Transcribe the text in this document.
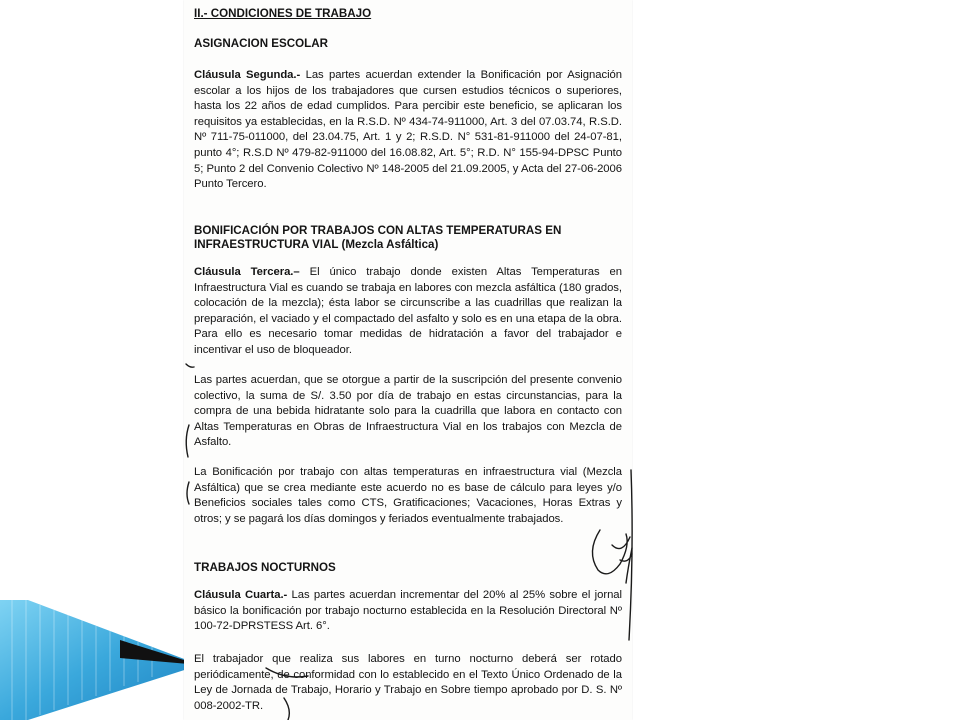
II.- CONDICIONES DE TRABAJO
ASIGNACION ESCOLAR
Cláusula Segunda.- Las partes acuerdan extender la Bonificación por Asignación escolar a los hijos de los trabajadores que cursen estudios técnicos o superiores, hasta los 22 años de edad cumplidos. Para percibir este beneficio, se aplicaran los requisitos ya establecidas, en la R.S.D. Nº 434-74-911000, Art. 3 del 07.03.74, R.S.D. Nº 711-75-011000, del 23.04.75, Art. 1 y 2; R.S.D. N° 531-81-911000 del 24-07-81, punto 4°; R.S.D Nº 479-82-911000 del 16.08.82, Art. 5°; R.D. N° 155-94-DPSC Punto 5; Punto 2 del Convenio Colectivo Nº 148-2005 del 21.09.2005, y Acta del 27-06-2006 Punto Tercero.
BONIFICACIÓN POR TRABAJOS CON ALTAS TEMPERATURAS EN
INFRAESTRUCTURA VIAL (Mezcla Asfáltica)
Cláusula Tercera.– El único trabajo donde existen Altas Temperaturas en Infraestructura Vial es cuando se trabaja en labores con mezcla asfáltica (180 grados, colocación de la mezcla); ésta labor se circunscribe a las cuadrillas que realizan la preparación, el vaciado y el compactado del asfalto y solo es en una etapa de la obra. Para ello es necesario tomar medidas de hidratación a favor del trabajador e incentivar el uso de bloqueador.
Las partes acuerdan, que se otorgue a partir de la suscripción del presente convenio colectivo, la suma de S/. 3.50 por día de trabajo en estas circunstancias, para la compra de una bebida hidratante solo para la cuadrilla que labora en contacto con Altas Temperaturas en Obras de Infraestructura Vial en los trabajos con Mezcla de Asfalto.
La Bonificación por trabajo con altas temperaturas en infraestructura vial (Mezcla Asfáltica) que se crea mediante este acuerdo no es base de cálculo para leyes y/o Beneficios sociales tales como CTS, Gratificaciones; Vacaciones, Horas Extras y otros; y se pagará los días domingos y feriados eventualmente trabajados.
TRABAJOS NOCTURNOS
Cláusula Cuarta.- Las partes acuerdan incrementar del 20% al 25% sobre el jornal básico la bonificación por trabajo nocturno establecida en la Resolución Directoral Nº 100-72-DPRSTESS Art. 6°.
El trabajador que realiza sus labores en turno nocturno deberá ser rotado periódicamente, de conformidad con lo establecido en el Texto Único Ordenado de la Ley de Jornada de Trabajo, Horario y Trabajo en Sobre tiempo aprobado por D. S. Nº 008-2002-TR.
